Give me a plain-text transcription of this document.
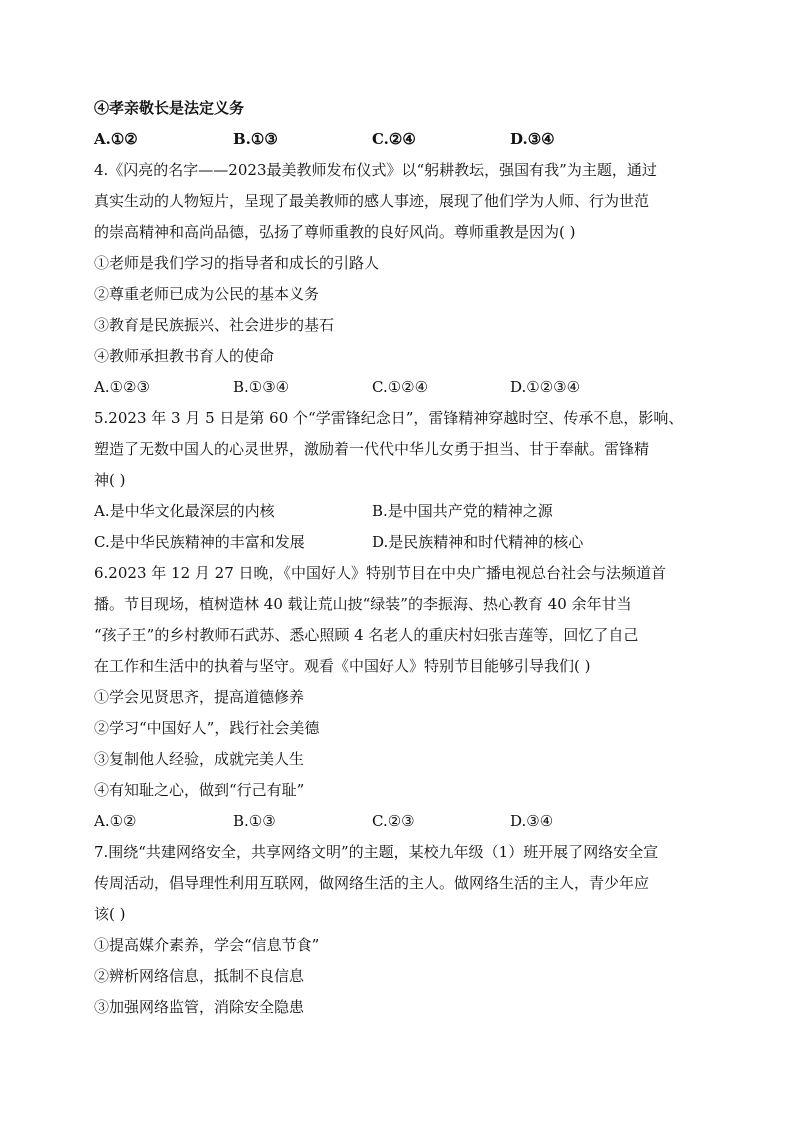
④孝亲敬长是法定义务
A.①②	B.①③	C.②④	D.③④
4.《闪亮的名字——2023最美教师发布仪式》以“躬耕教坛，强国有我”为主题，通过
真实生动的人物短片，呈现了最美教师的感人事迹，展现了他们学为人师、行为世范
的崇高精神和高尚品德，弘扬了尊师重教的良好风尚。尊师重教是因为( )
①老师是我们学习的指导者和成长的引路人
②尊重老师已成为公民的基本义务
③教育是民族振兴、社会进步的基石
④教师承担教书育人的使命
A.①②③	B.①③④	C.①②④	D.①②③④
5.2023 年 3 月 5 日是第 60 个“学雷锋纪念日”，雷锋精神穿越时空、传承不息，影响、
塑造了无数中国人的心灵世界，激励着一代代中华儿女勇于担当、甘于奉献。雷锋精
神( )
A.是中华文化最深层的内核	B.是中国共产党的精神之源
C.是中华民族精神的丰富和发展	D.是民族精神和时代精神的核心
6.2023 年 12 月 27 日晚，《中国好人》特别节目在中央广播电视总台社会与法频道首
播。节目现场，植树造林 40 载让荒山披“绿装”的李振海、热心教育 40 余年甘当
“孩子王”的乡村教师石武苏、悉心照顾 4 名老人的重庆村妇张吉莲等，回忆了自己
在工作和生活中的执着与坚守。观看《中国好人》特别节目能够引导我们( )
①学会见贤思齐，提高道德修养
②学习“中国好人”，践行社会美德
③复制他人经验，成就完美人生
④有知耻之心，做到“行己有耻”
A.①②	B.①③	C.②③	D.③④
7.围绕“共建网络安全，共享网络文明”的主题，某校九年级（1）班开展了网络安全宣
传周活动，倡导理性利用互联网，做网络生活的主人。做网络生活的主人，青少年应
该( )
①提高媒介素养，学会“信息节食”
②辨析网络信息，抵制不良信息
③加强网络监管，消除安全隐患
